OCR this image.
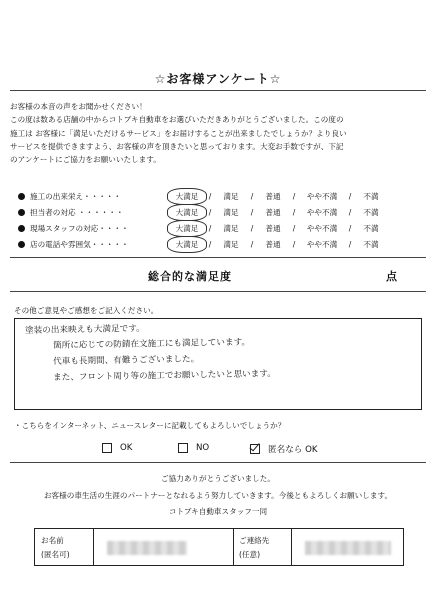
☆お客様アンケート☆
お客様の本音の声をお聞かせください！
この度は数ある店舗の中からコトブキ自動車をお選びいただきありがとうございました。この度の
施工は お客様に「満足いただけるサービス」をお届けすることが出来ましたでしょうか？より良い
サービスを提供できますよう、お客様の声を頂きたいと思っております。大変お手数ですが、下記
のアンケートにご協力をお願いいたします。
施工の出来栄え・・・・・	大満足	/	満足	/	普通	/	やや不満	/	不満
担当者の対応 ・・・・・・	大満足	/	満足	/	普通	/	やや不満	/	不満
現場スタッフの対応・・・・	大満足	/	満足	/	普通	/	やや不満	/	不満
店の電話や雰囲気・・・・・	大満足	/	満足	/	普通	/	やや不満	/	不満
総合的な満足度	点
その他ご意見やご感想をご記入ください。
塗装の出来映えも大満足です。
箇所に応じての防錆在文施工にも満足しています。
代車も長期間、有難うございました。
また、フロント周り等の施工でお願いしたいと思います。
・こちらをインターネット、ニュースレターに記載してもよろしいでしょうか？
OK	NO	匿名なら OK
ご協力ありがとうございました。
お客様の車生活の生涯のパートナーとなれるよう努力していきます。今後ともよろしくお願いします。
コトブキ自動車スタッフ一同
お名前
(匿名可)
ご連絡先
(任意)
